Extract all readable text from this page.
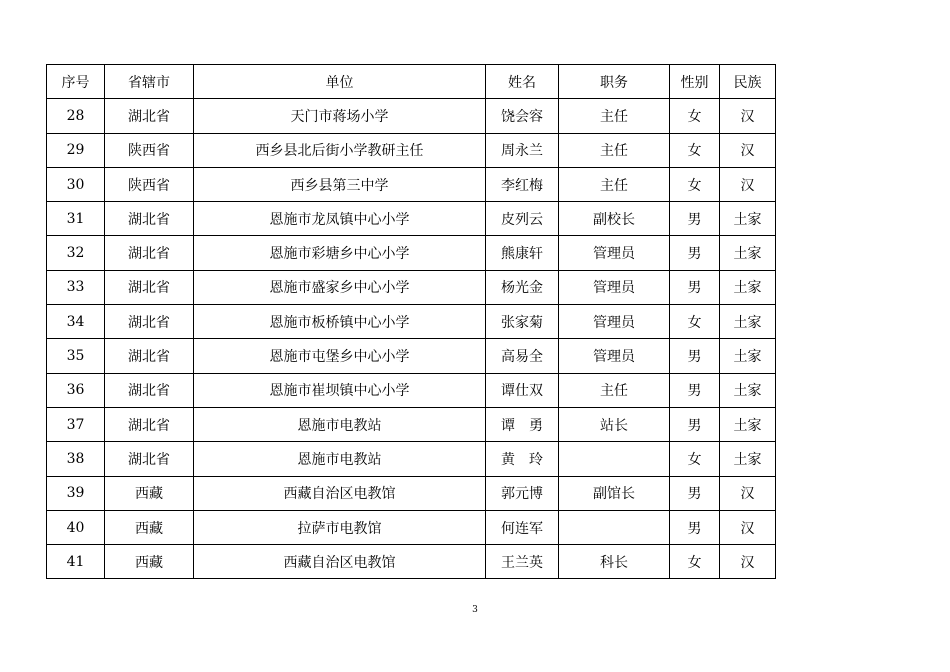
序号	省辖市	单位	姓名	职务	性别	民族
28	湖北省	天门市蒋场小学	饶会容	主任	女	汉
29	陕西省	西乡县北后街小学教研主任	周永兰	主任	女	汉
30	陕西省	西乡县第三中学	李红梅	主任	女	汉
31	湖北省	恩施市龙凤镇中心小学	皮列云	副校长	男	土家
32	湖北省	恩施市彩塘乡中心小学	熊康轩	管理员	男	土家
33	湖北省	恩施市盛家乡中心小学	杨光金	管理员	男	土家
34	湖北省	恩施市板桥镇中心小学	张家菊	管理员	女	土家
35	湖北省	恩施市屯堡乡中心小学	高易全	管理员	男	土家
36	湖北省	恩施市崔坝镇中心小学	谭仕双	主任	男	土家
37	湖北省	恩施市电教站	谭　勇	站长	男	土家
38	湖北省	恩施市电教站	黄　玲		女	土家
39	西藏	西藏自治区电教馆	郭元博	副馆长	男	汉
40	西藏	拉萨市电教馆	何连军		男	汉
41	西藏	西藏自治区电教馆	王兰英	科长	女	汉
3
